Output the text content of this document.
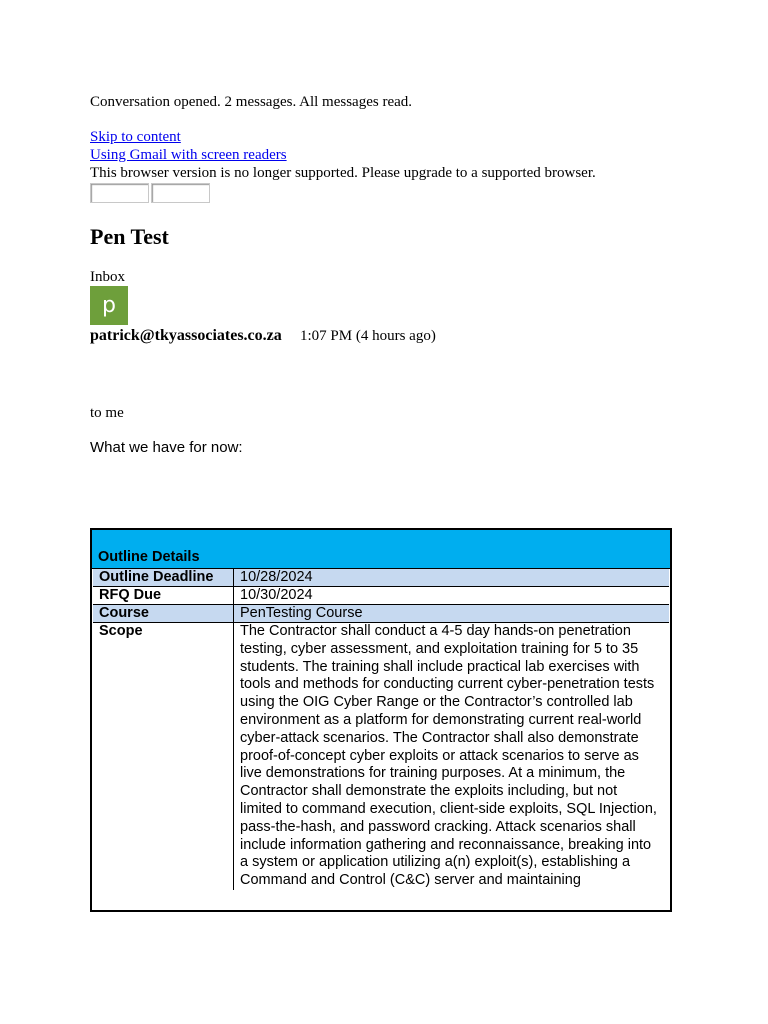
Conversation opened. 2 messages. All messages read.
Skip to content
Using Gmail with screen readers
This browser version is no longer supported. Please upgrade to a supported browser.
Pen Test
Inbox
p
patrick@tkyassociates.co.za 1:07 PM (4 hours ago)
to me
What we have for now:
Outline Details
Outline Deadline	10/28/2024
RFQ Due	10/30/2024
Course	PenTesting Course
Scope	The Contractor shall conduct a 4-5 day hands-on penetration testing, cyber assessment, and exploitation training for 5 to 35 students. The training shall include practical lab exercises with tools and methods for conducting current cyber-penetration tests using the OIG Cyber Range or the Contractor’s controlled lab environment as a platform for demonstrating current real-world cyber-attack scenarios. The Contractor shall also demonstrate proof-of-concept cyber exploits or attack scenarios to serve as live demonstrations for training purposes. At a minimum, the Contractor shall demonstrate the exploits including, but not limited to command execution, client-side exploits, SQL Injection, pass-the-hash, and password cracking. Attack scenarios shall include information gathering and reconnaissance, breaking into a system or application utilizing a(n) exploit(s), establishing a Command and Control (C&C) server and maintaining
